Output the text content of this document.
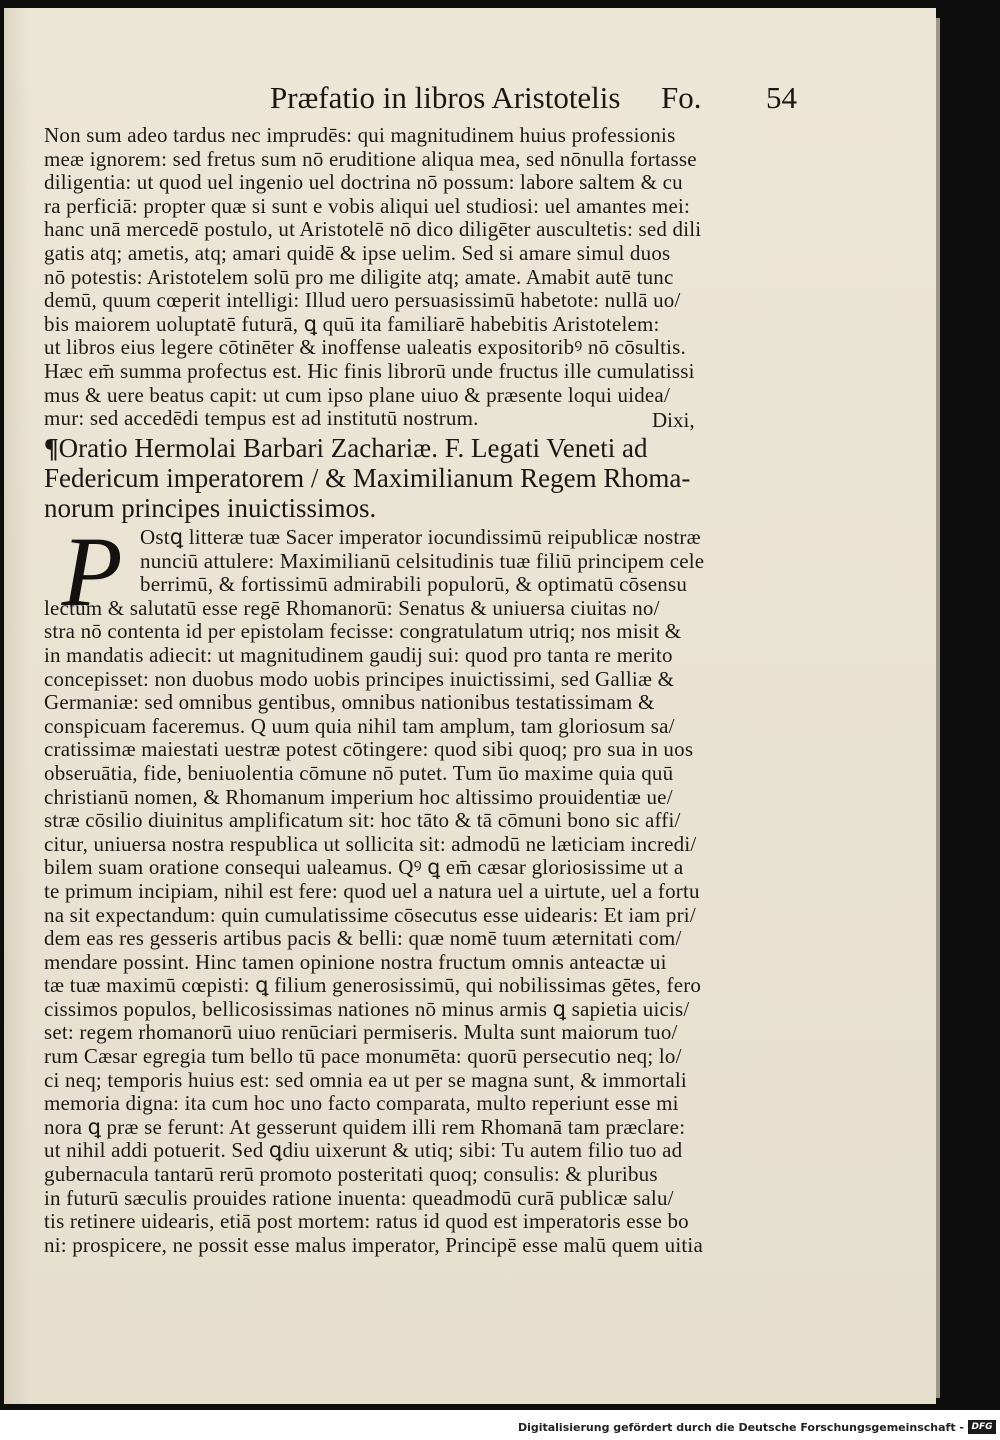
Præfatio in libros Aristotelis Fo. 54
Non sum adeo tardus nec imprudēs: qui magnitudinem huius professionis
meæ ignorem: sed fretus sum nō eruditione aliqua mea, sed nōnulla fortasse
diligentia: ut quod uel ingenio uel doctrina nō possum: labore saltem & cu
ra perficiā: propter quæ si sunt e vobis aliqui uel studiosi: uel amantes mei:
hanc unā mercedē postulo, ut Aristotelē nō dico diligēter auscultetis: sed dili
gatis atq; ametis, atq; amari quidē & ipse uelim. Sed si amare simul duos
nō potestis: Aristotelem solū pro me diligite atq; amate. Amabit autē tunc
demū, quum cœperit intelligi: Illud uero persuasissimū habetote: nullā uo/
bis maiorem uoluptatē futurā, ꝗ quū ita familiarē habebitis Aristotelem:
ut libros eius legere cōtinēter & inoffense ualeatis expositoribꝰ nō cōsultis.
Hæc em̄ summa profectus est. Hic finis librorū unde fructus ille cumulatissi
mus & uere beatus capit: ut cum ipso plane uiuo & præsente loqui uidea/
mur: sed accedēdi tempus est ad institutū nostrum.	Dixi,
¶Oratio Hermolai Barbari Zachariæ. F. Legati Veneti ad
Federicum imperatorem / & Maximilianum Regem Rhoma-
norum principes inuictissimos.
P Ostꝗ litteræ tuæ Sacer imperator iocundissimū reipublicæ nostræ
nunciū attulere: Maximilianū celsitudinis tuæ filiū principem cele
berrimū, & fortissimū admirabili populorū, & optimatū cōsensu
lectum & salutatū esse regē Rhomanorū: Senatus & uniuersa ciuitas no/
stra nō contenta id per epistolam fecisse: congratulatum utriq; nos misit &
in mandatis adiecit: ut magnitudinem gaudij sui: quod pro tanta re merito
concepisset: non duobus modo uobis principes inuictissimi, sed Galliæ &
Germaniæ: sed omnibus gentibus, omnibus nationibus testatissimam &
conspicuam faceremus. Q uum quia nihil tam amplum, tam gloriosum sa/
cratissimæ maiestati uestræ potest cōtingere: quod sibi quoq; pro sua in uos
obseruātia, fide, beniuolentia cōmune nō putet. Tum ūo maxime quia quū
christianū nomen, & Rhomanum imperium hoc altissimo prouidentiæ ue/
stræ cōsilio diuinitus amplificatum sit: hoc tāto & tā cōmuni bono sic affi/
citur, uniuersa nostra respublica ut sollicita sit: admodū ne læticiam incredi/
bilem suam oratione consequi ualeamus. Qꝰ ꝗ em̄ cæsar gloriosissime ut a
te primum incipiam, nihil est fere: quod uel a natura uel a uirtute, uel a fortu
na sit expectandum: quin cumulatissime cōsecutus esse uidearis: Et iam pri/
dem eas res gesseris artibus pacis & belli: quæ nomē tuum æternitati com/
mendare possint. Hinc tamen opinione nostra fructum omnis anteactæ ui
tæ tuæ maximū cœpisti: ꝗ filium generosissimū, qui nobilissimas gētes, fero
cissimos populos, bellicosissimas nationes nō minus armis ꝗ sapietia uicis/
set: regem rhomanorū uiuo renūciari permiseris. Multa sunt maiorum tuo/
rum Cæsar egregia tum bello tū pace monumēta: quorū persecutio neq; lo/
ci neq; temporis huius est: sed omnia ea ut per se magna sunt, & immortali
memoria digna: ita cum hoc uno facto comparata, multo reperiunt esse mi
nora ꝗ præ se ferunt: At gesserunt quidem illi rem Rhomanā tam præclare:
ut nihil addi potuerit. Sed ꝗdiu uixerunt & utiq; sibi: Tu autem filio tuo ad
gubernacula tantarū rerū promoto posteritati quoq; consulis: & pluribus
in futurū sæculis prouides ratione inuenta: queadmodū curā publicæ salu/
tis retinere uidearis, etiā post mortem: ratus id quod est imperatoris esse bo
ni: prospicere, ne possit esse malus imperator, Principē esse malū quem uitia
Digitalisierung gefördert durch die Deutsche Forschungsgemeinschaft - DFG
